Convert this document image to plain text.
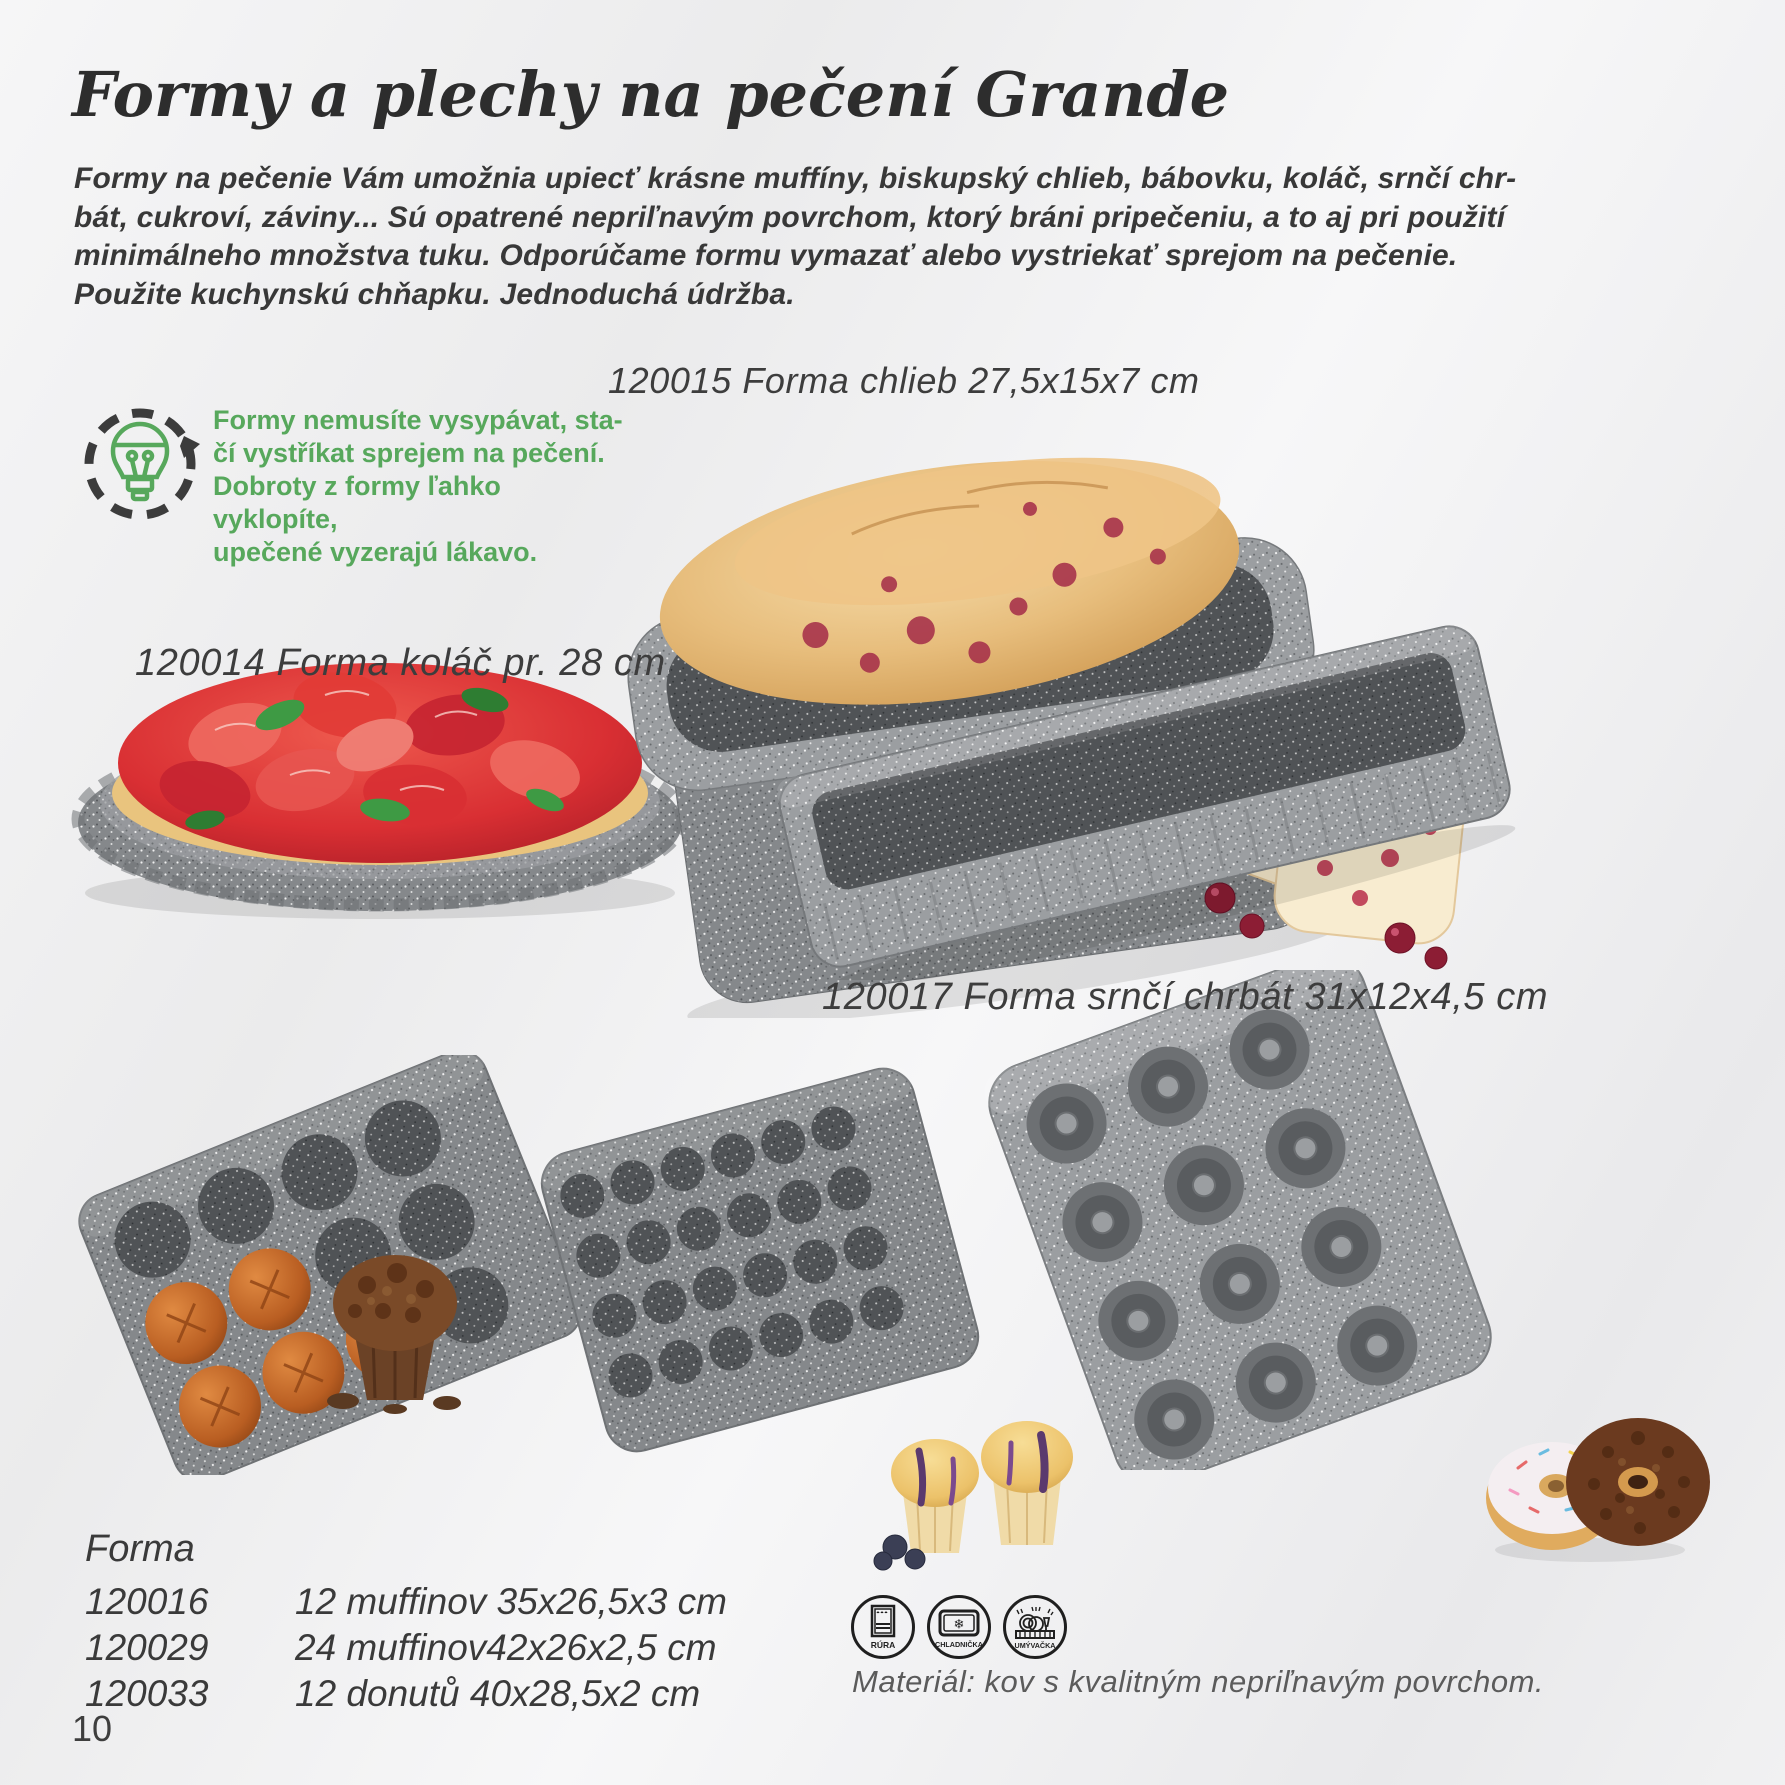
Formy a plechy na pečení Grande
Formy na pečenie Vám umožnia upiecť krásne muffíny, biskupský chlieb, bábovku, koláč, srnčí chr-
bát, cukroví, záviny... Sú opatrené nepriľnavým povrchom, ktorý bráni pripečeniu, a to aj pri použití
minimálneho množstva tuku. Odporúčame formu vymazať alebo vystriekať sprejom na pečenie.
Použite kuchynskú chňapku. Jednoduchá údržba.
Formy nemusíte vysypávat, sta-
čí vystříkat sprejem na pečení.
Dobroty z formy ľahko vyklopíte,
upečené vyzerajú lákavo.
120015 Forma chlieb 27,5x15x7 cm
120014 Forma koláč pr. 28 cm
120017 Forma srnčí chrbát 31x12x4,5 cm
Forma
120016	12 muffinov 35x26,5x3 cm
120029	24 muffinov42x26x2,5 cm
120033	12 donutů 40x28,5x2 cm
RÚRA
❄
CHLADNIČKA	UMÝVAČKA
Materiál: kov s kvalitným nepriľnavým povrchom.
10
